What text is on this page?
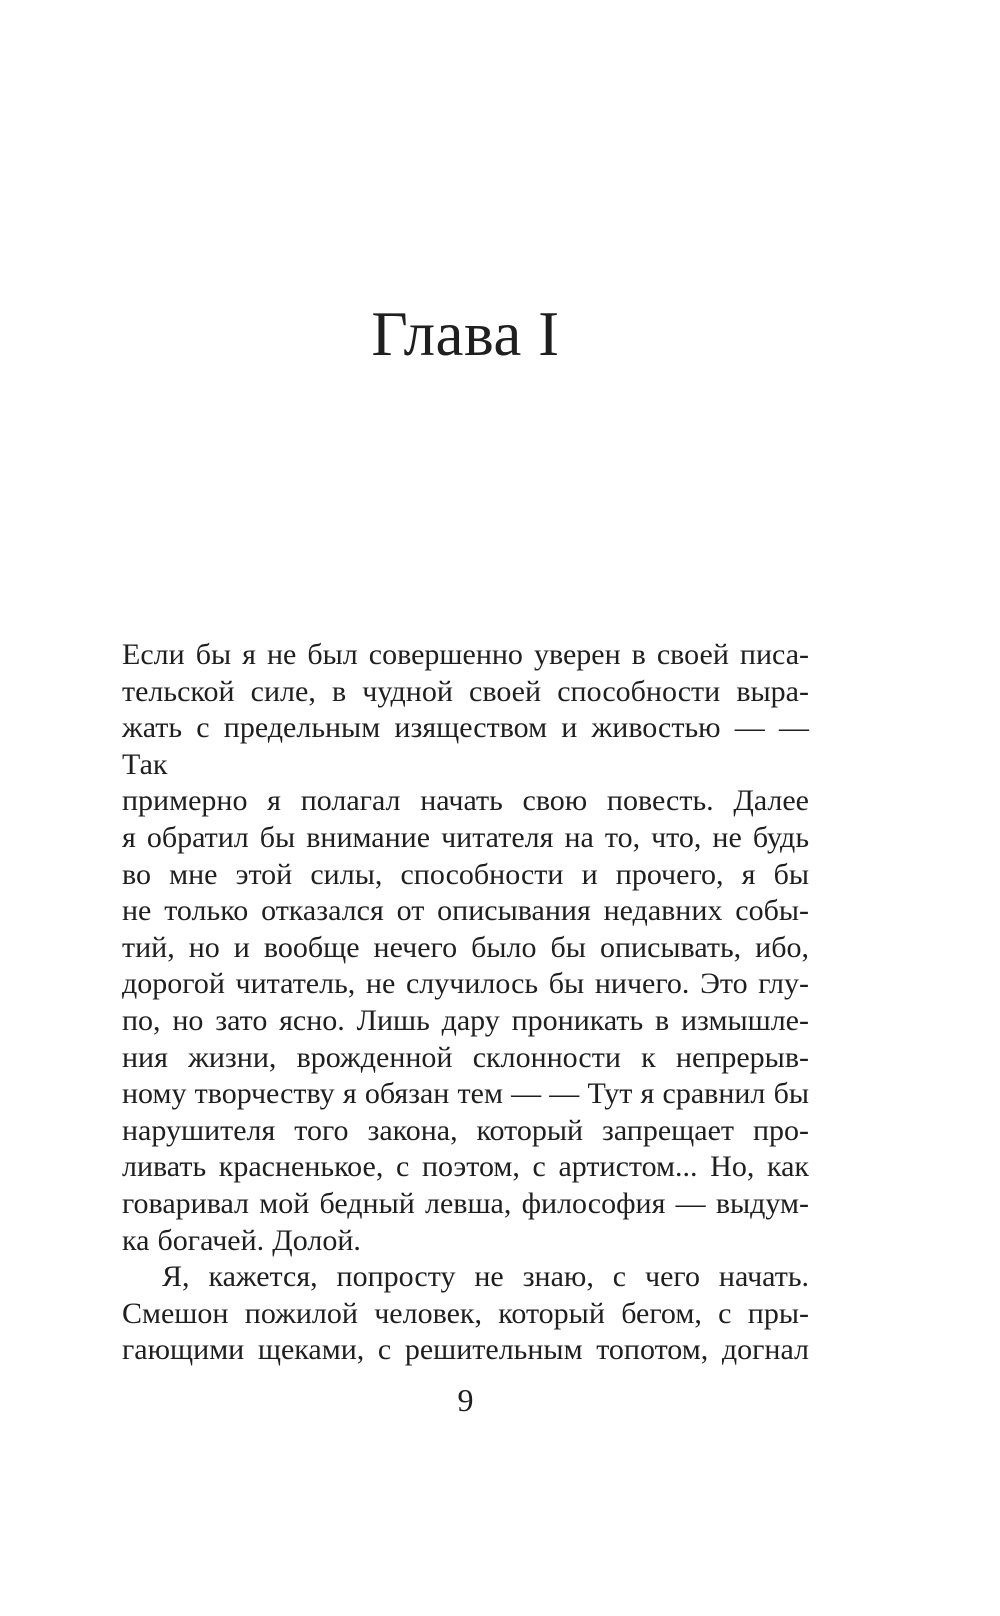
Глава I
Если бы я не был совершенно уверен в своей писа-
тельской силе, в чудной своей способности выра-
жать с предельным изяществом и живостью — — Так
примерно я полагал начать свою повесть. Далее
я обратил бы внимание читателя на то, что, не будь
во мне этой силы, способности и прочего, я бы
не только отказался от описывания недавних собы-
тий, но и вообще нечего было бы описывать, ибо,
дорогой читатель, не случилось бы ничего. Это глу-
по, но зато ясно. Лишь дару проникать в измышле-
ния жизни, врожденной склонности к непрерыв-
ному творчеству я обязан тем — — Тут я сравнил бы
нарушителя того закона, который запрещает про-
ливать красненькое, с поэтом, с артистом... Но, как
говаривал мой бедный левша, философия — выдум-
ка богачей. Долой.
Я, кажется, попросту не знаю, с чего начать.
Смешон пожилой человек, который бегом, с пры-
гающими щеками, с решительным топотом, догнал
9
